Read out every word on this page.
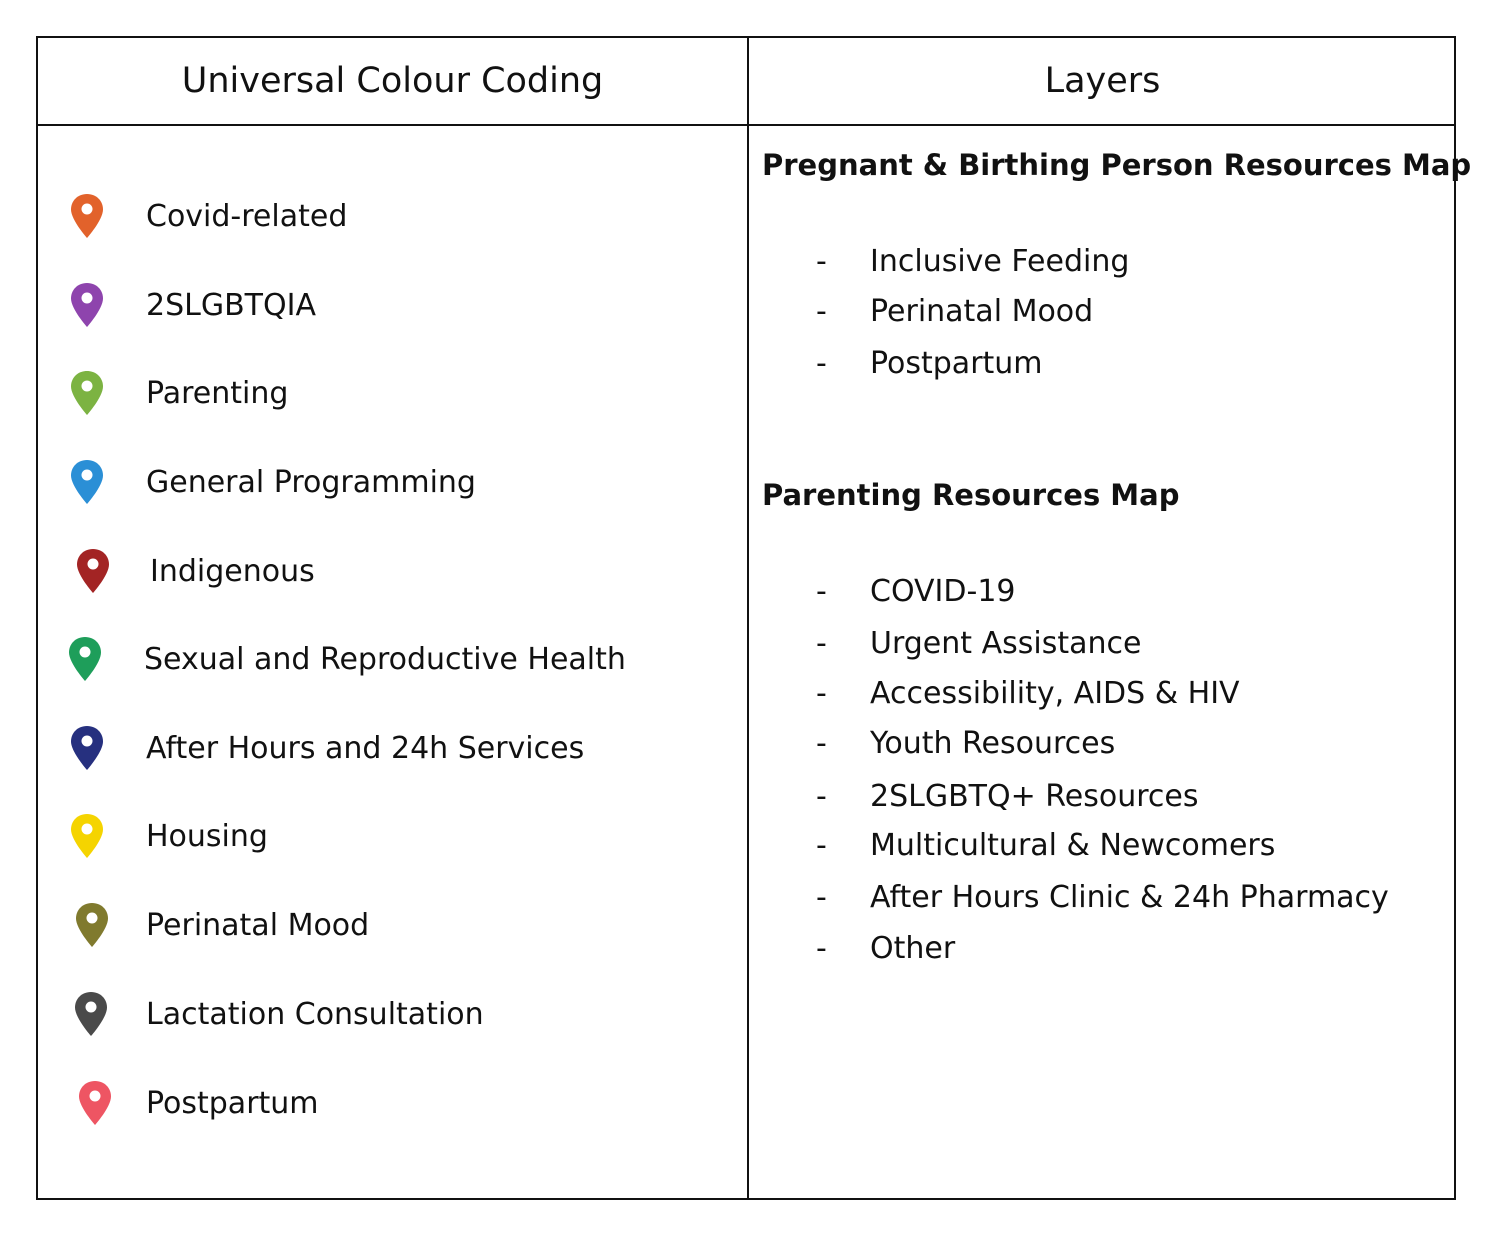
Universal Colour Coding	Layers
Covid-related
2SLGBTQIA
Parenting
General Programming
Indigenous
Sexual and Reproductive Health
After Hours and 24h Services
Housing
Perinatal Mood
Lactation Consultation
Postpartum
Pregnant & Birthing Person Resources Map
- Inclusive Feeding
- Perinatal Mood
- Postpartum
Parenting Resources Map
- COVID-19
- Urgent Assistance
- Accessibility, AIDS & HIV
- Youth Resources
- 2SLGBTQ+ Resources
- Multicultural & Newcomers
- After Hours Clinic & 24h Pharmacy
- Other
